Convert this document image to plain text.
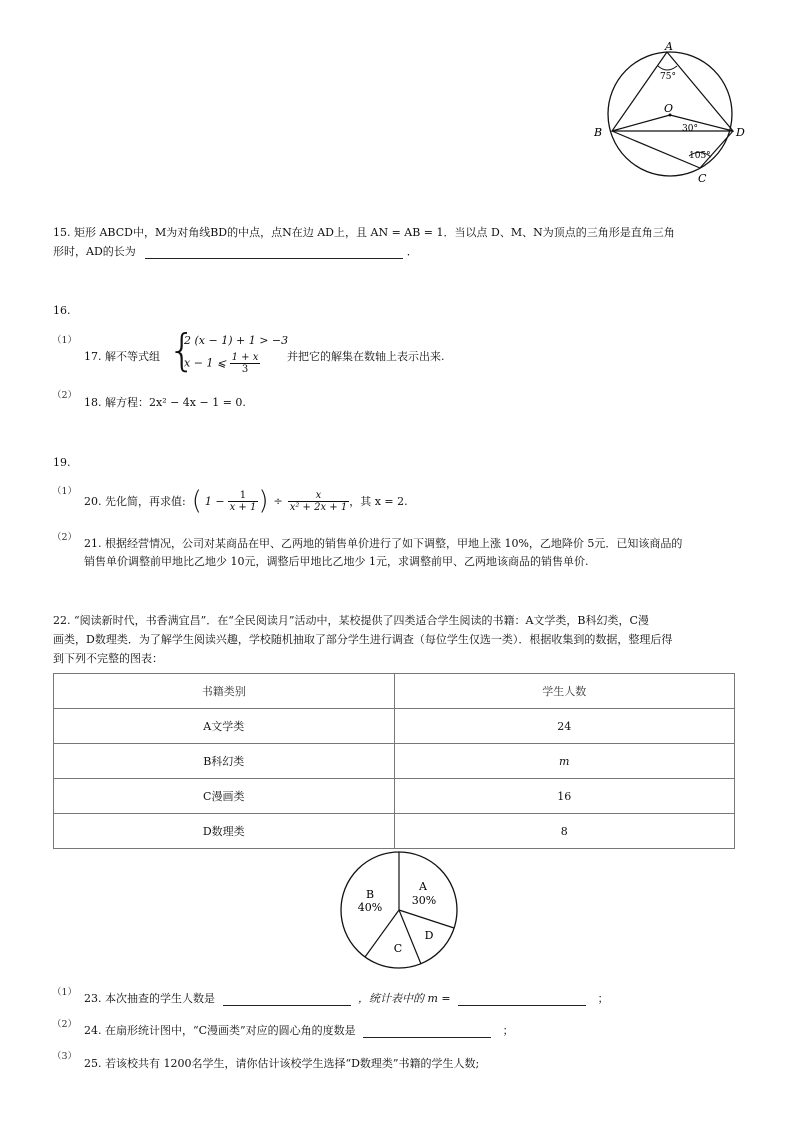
A
O
B	D
C
75°
30°
105°
15. 矩形 ABCD中，M为对角线BD的中点，点N在边 AD上，且 AN = AB = 1．当以点 D、M、N为顶点的三角形是直角三角
形时，AD的长为	．
16.
（1）
17. 解不等式组 {
2 (x − 1) + 1 > −3
x − 1 ⩽ $\frac{1 + x}{3}$ 并把它的解集在数轴上表示出来.
（2）
18. 解方程：2x² − 4x − 1 = 0.
19.
（1）
20. 先化简，再求值: ( $1 - \frac{1}{x + 1}$ ) ÷ $\frac{x}{\text{x² + 2x + 1}}$ ，其 x = 2.
（2） 21. 根据经营情况，公司对某商品在甲、乙两地的销售单价进行了如下调整，甲地上涨 10%，乙地降价 5元．已知该商品的
销售单价调整前甲地比乙地少 10元，调整后甲地比乙地少 1元，求调整前甲、乙两地该商品的销售单价.
22. “阅读新时代，书香满宜昌”．在“全民阅读月”活动中，某校提供了四类适合学生阅读的书籍：A文学类，B科幻类，C漫
画类，D数理类．为了解学生阅读兴趣，学校随机抽取了部分学生进行调查（每位学生仅选一类）．根据收集到的数据，整理后得
到下列不完整的图表：
书籍类别	学生人数
A文学类	24
B科幻类	m
C漫画类	16
D数理类	8
A
30%
B
40%
C
D
（1） 23. 本次抽查的学生人数是	，统计表中的 m =	；
（2） 24. 在扇形统计图中，“C漫画类”对应的圆心角的度数是	；
（3）
25. 若该校共有 1200名学生，请你估计该校学生选择“D数理类”书籍的学生人数;
